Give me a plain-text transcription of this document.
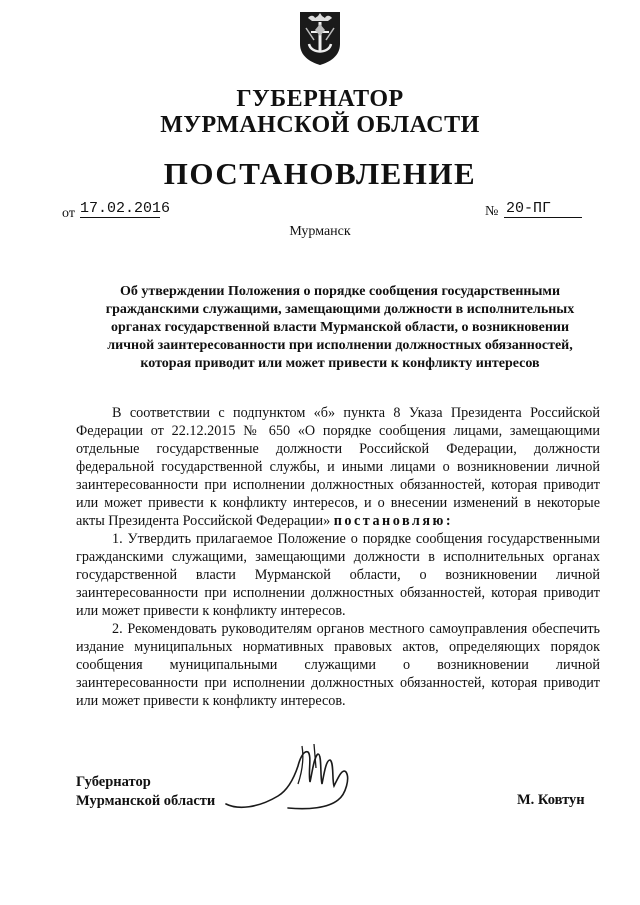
ГУБЕРНАТОР
МУРМАНСКОЙ ОБЛАСТИ
ПОСТАНОВЛЕНИЕ
от 17.02.2016	№ 20-ПГ
Мурманск
Об утверждении Положения о порядке сообщения государственными
гражданскими служащими, замещающими должности в исполнительных
органах государственной власти Мурманской области, о возникновении
личной заинтересованности при исполнении должностных обязанностей,
которая приводит или может привести к конфликту интересов

В соответствии с подпунктом «б» пункта 8 Указа Президента Российской Федерации от 22.12.2015 № 650 «О порядке сообщения лицами, замещающими отдельные государственные должности Российской Федерации, должности федеральной государственной службы, и иными лицами о возникновении личной заинтересованности при исполнении должностных обязанностей, которая приводит или может привести к конфликту интересов, и о внесении изменений в некоторые акты Президента Российской Федерации» постановляю:

1. Утвердить прилагаемое Положение о порядке сообщения государственными гражданскими служащими, замещающими должности в исполнительных органах государственной власти Мурманской области, о возникновении личной заинтересованности при исполнении должностных обязанностей, которая приводит или может привести к конфликту интересов.

2. Рекомендовать руководителям органов местного самоуправления обеспечить издание муниципальных нормативных правовых актов, определяющих порядок сообщения муниципальными служащими о возникновении личной заинтересованности при исполнении должностных обязанностей, которая приводит или может привести к конфликту интересов.

Губернатор
Мурманской области	М. Ковтун
